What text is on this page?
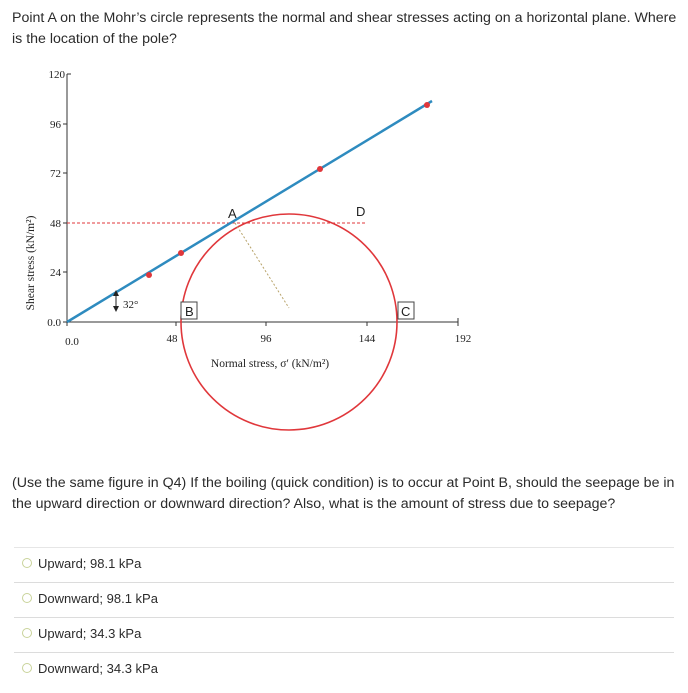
Point A on the Mohr’s circle represents the normal and shear stresses acting on a horizontal plane. Where is the location of the pole?
Shear stress (kN/m²)
120
96
72
48
24
0.0
0.0	48	96	144	192
32°
A	D
B	C
Normal stress, σ′ (kN/m²)
(Use the same figure in Q4) If the boiling (quick condition) is to occur at Point B, should the seepage be in the upward direction or downward direction? Also, what is the amount of stress due to seepage?
Upward; 98.1 kPa
Downward; 98.1 kPa
Upward; 34.3 kPa
Downward; 34.3 kPa
